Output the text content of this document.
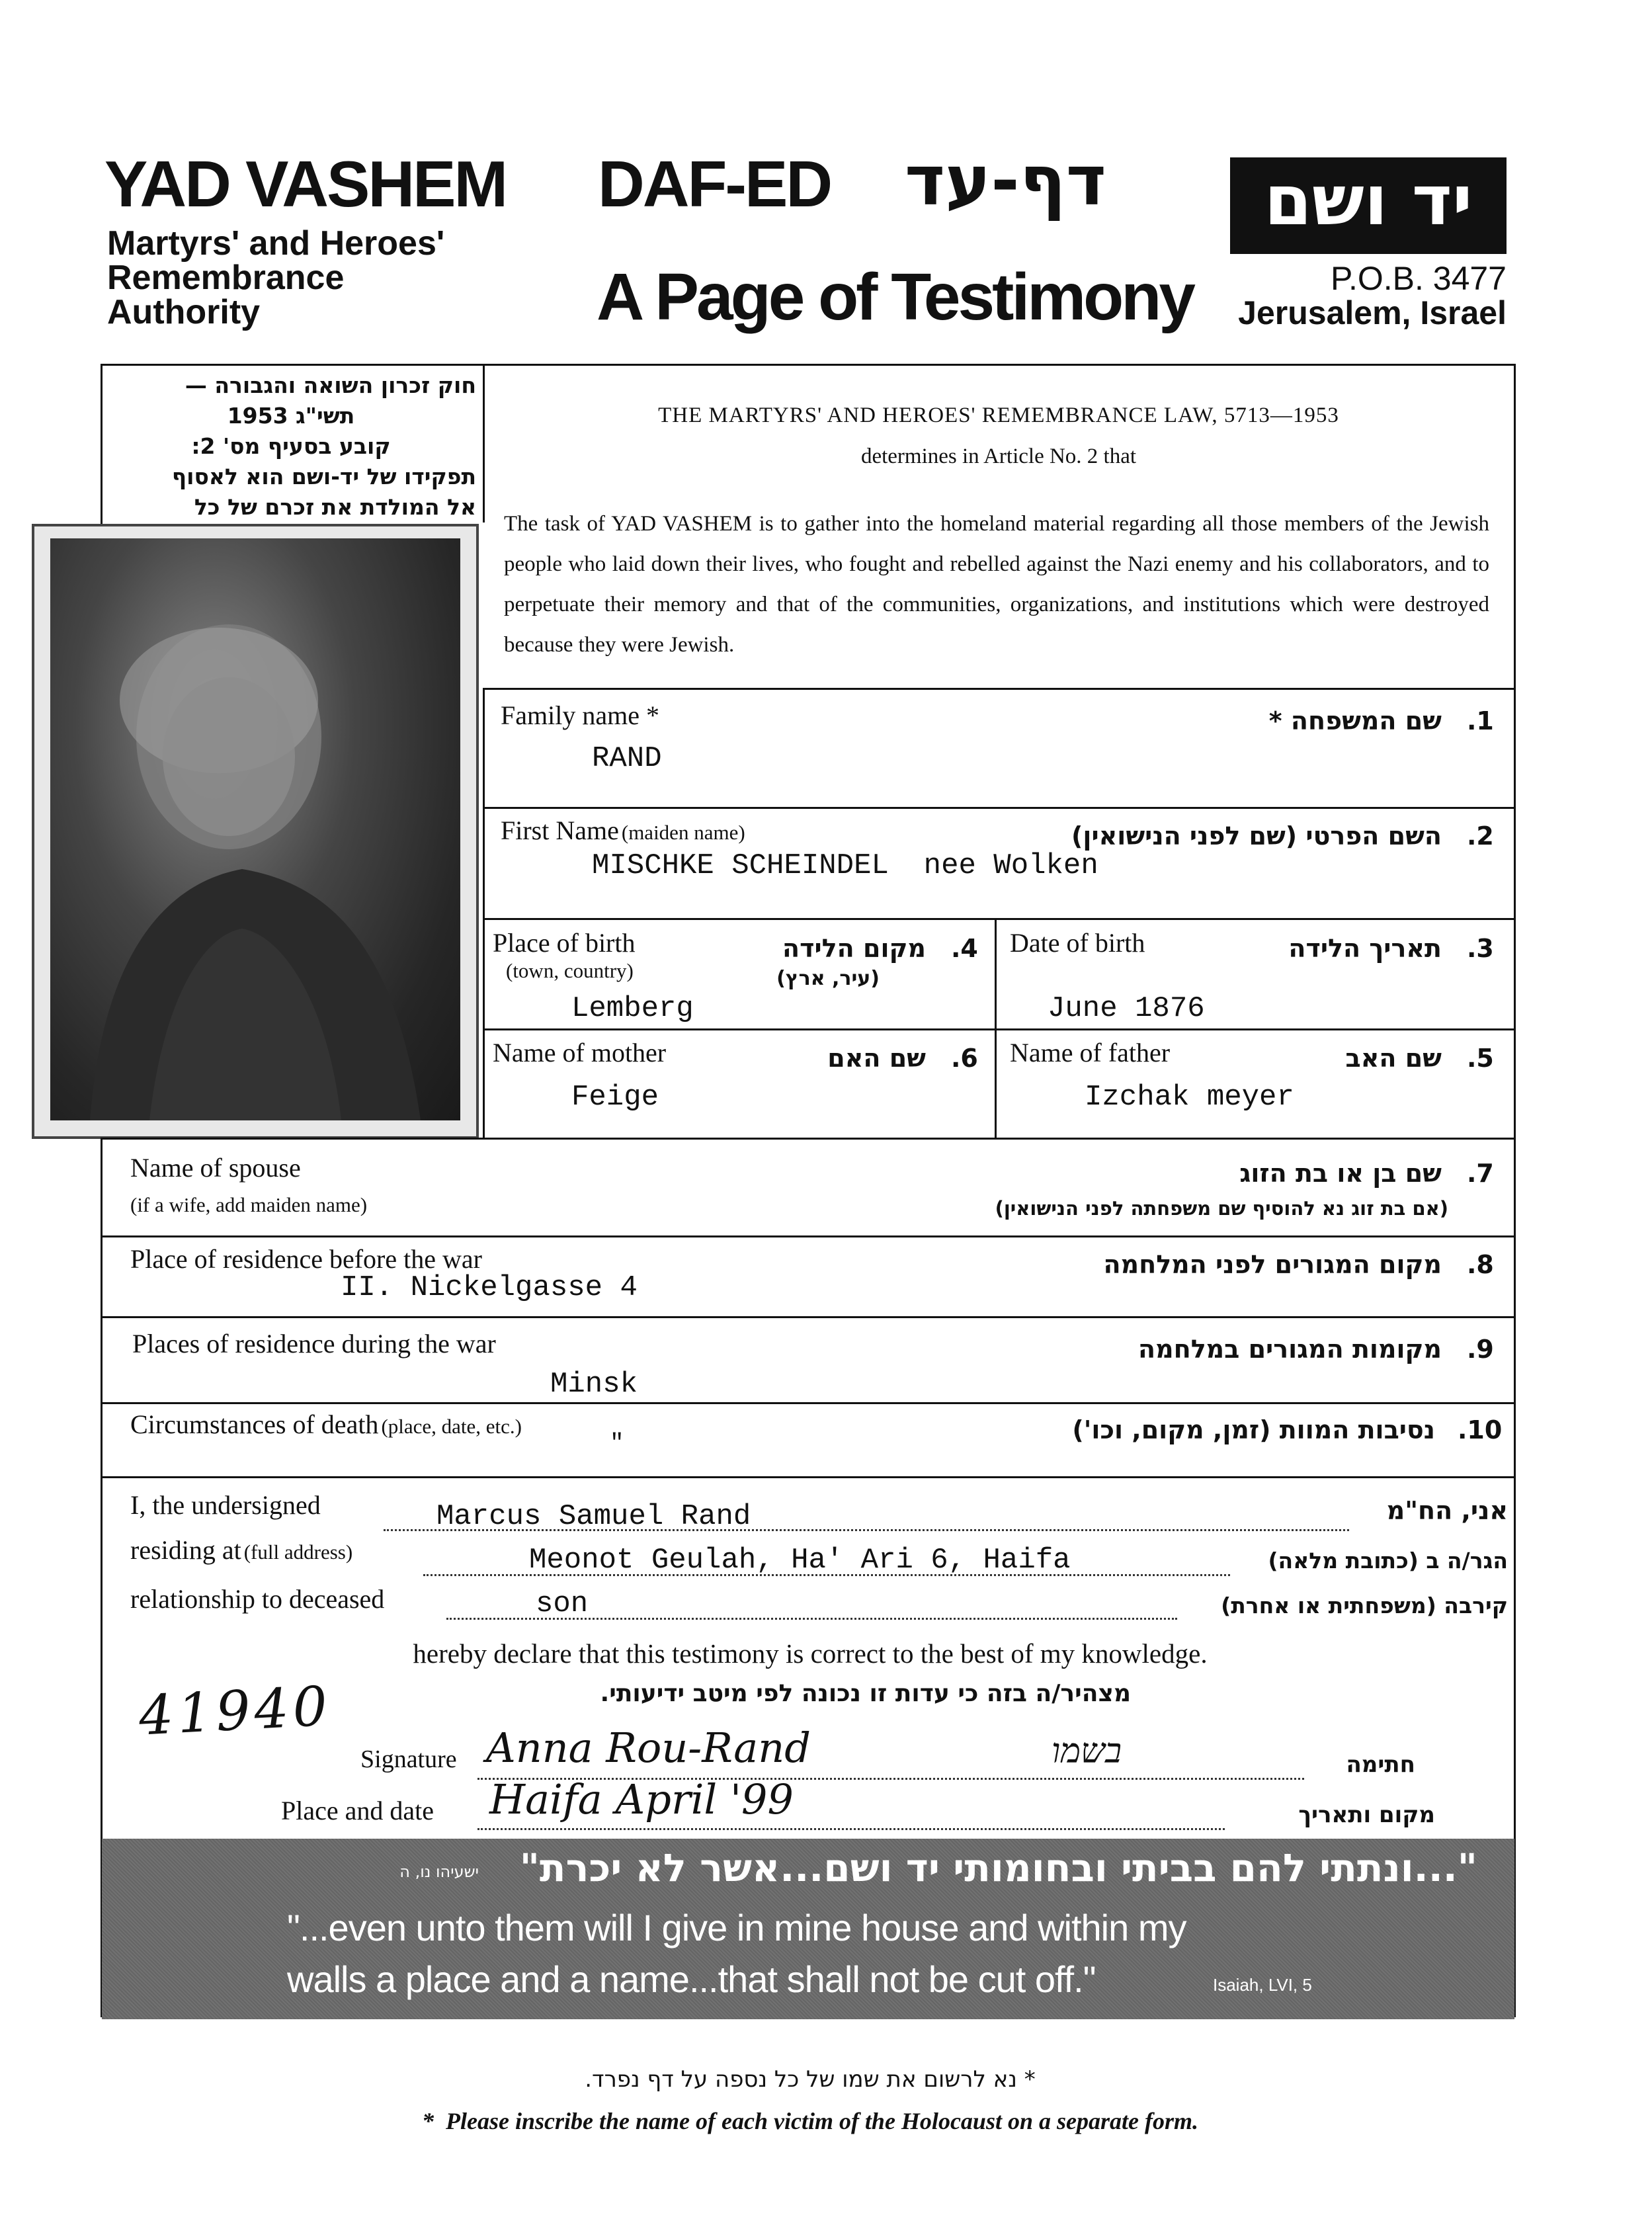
YAD VASHEM
Martyrs' and Heroes'
Remembrance
Authority
DAF-ED דף-עד
A Page of Testimony
יד ושם
P.O.B. 3477
Jerusalem, Israel
חוק זכרון השואה והגבורה —
תשי"ג 1953
קובע בסעיף מס' 2:
תפקידו של יד-ושם הוא לאסוף
אל המולדת את זכרם של כל
THE MARTYRS' AND HEROES' REMEMBRANCE LAW, 5713—1953
determines in Article No. 2 that
The task of YAD VASHEM is to gather into the homeland material regarding all those members of the Jewish people who laid down their lives, who fought and rebelled against the Nazi enemy and his collaborators, and to perpetuate their memory and that of the communities, organizations, and institutions which were destroyed because they were Jewish.
Family name *	שם המשפחה * .1
RAND
First Name (maiden name)	השם הפרטי (שם לפני הנישואין) .2
MISCHKE SCHEINDEL  nee Wolken
Place of birth
(town, country)
מקום הלידה
(עיר, ארץ)
.4
Lemberg
Date of birth	תאריך הלידה .3
June 1876
Name of mother	שם האם .6
Feige
Name of father	שם האב .5
Izchak meyer
Name of spouse
(if a wife, add maiden name)
שם בן או בת הזוג
(אם בת זוג נא להוסיף שם משפחתה לפני הנישואין)
.7
Place of residence before the war	מקום המגורים לפני המלחמה .8
II. Nickelgasse 4
Places of residence during the war	מקומות המגורים במלחמה .9
Minsk
Circumstances of death (place, date, etc.)	נסיבות המוות (זמן, מקום, וכו') .10
"
I, the undersigned	Marcus Samuel Rand	אני, הח"מ
residing at (full address)	Meonot Geulah, Ha' Ari 6, Haifa	הגר/ה ב (כתובת מלאה)
relationship to deceased	son	קירבה (משפחתית או אחרת)
hereby declare that this testimony is correct to the best of my knowledge.
מצהיר/ה בזה כי עדות זו נכונה לפי מיטב ידיעותי.
41940
Signature Anna Rou-Rand	בשמו	חתימה
Place and date Haifa April '99	מקום ותאריך
ישעיהו נו, ה	"...ונתתי להם בביתי ובחומותי יד ושם...אשר לא יכרת"
"...even unto them will I give in mine house and within my
walls a place and a name...that shall not be cut off."	Isaiah, LVI, 5
* נא לרשום את שמו של כל נספה על דף נפרד.
*  Please inscribe the name of each victim of the Holocaust on a separate form.
